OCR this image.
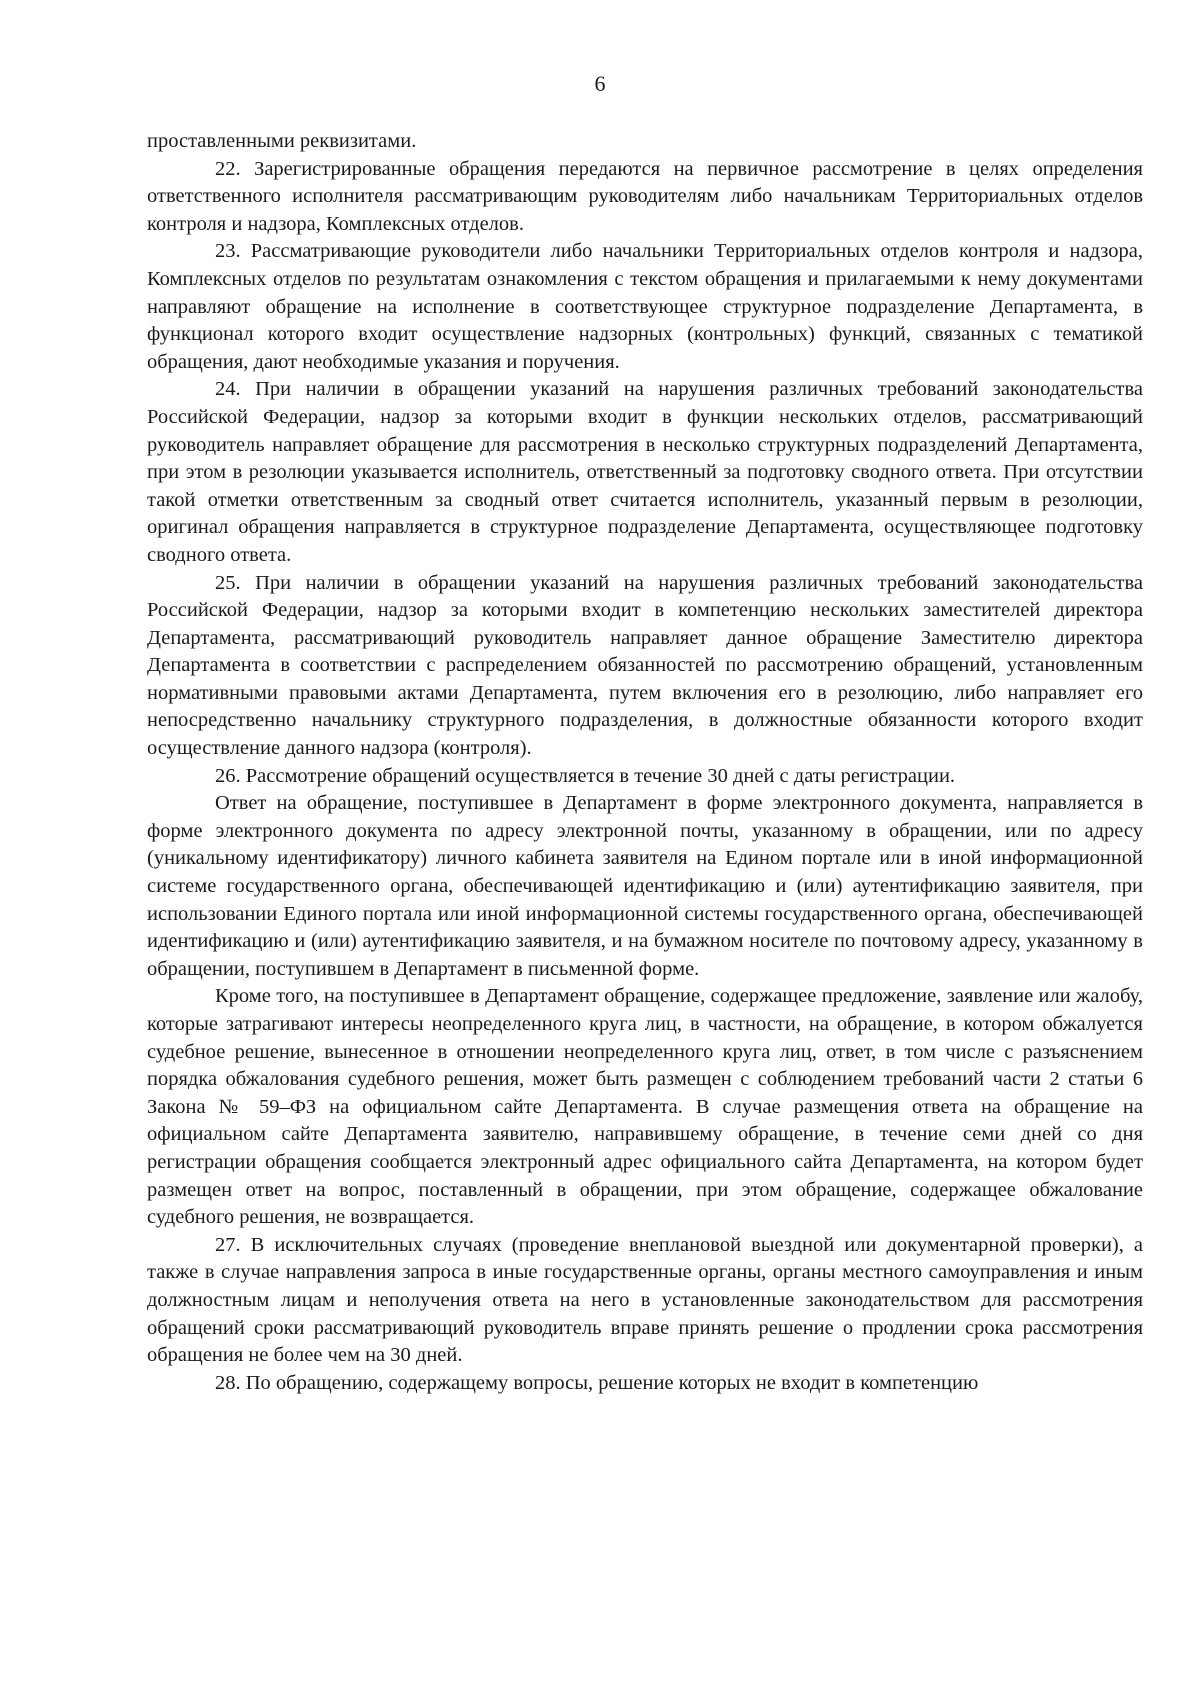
6

проставленными реквизитами.

22. Зарегистрированные обращения передаются на первичное рассмотрение в целях определения ответственного исполнителя рассматривающим руководителям либо начальникам Территориальных отделов контроля и надзора, Комплексных отделов.

23. Рассматривающие руководители либо начальники Территориальных отделов контроля и надзора, Комплексных отделов по результатам ознакомления с текстом обращения и прилагаемыми к нему документами направляют обращение на исполнение в соответствующее структурное подразделение Департамента, в функционал которого входит осуществление надзорных (контрольных) функций, связанных с тематикой обращения, дают необходимые указания и поручения.

24. При наличии в обращении указаний на нарушения различных требований законодательства Российской Федерации, надзор за которыми входит в функции нескольких отделов, рассматривающий руководитель направляет обращение для рассмотрения в несколько структурных подразделений Департамента, при этом в резолюции указывается исполнитель, ответственный за подготовку сводного ответа. При отсутствии такой отметки ответственным за сводный ответ считается исполнитель, указанный первым в резолюции, оригинал обращения направляется в структурное подразделение Департамента, осуществляющее подготовку сводного ответа.

25. При наличии в обращении указаний на нарушения различных требований законодательства Российской Федерации, надзор за которыми входит в компетенцию нескольких заместителей директора Департамента, рассматривающий руководитель направляет данное обращение Заместителю директора Департамента в соответствии с распределением обязанностей по рассмотрению обращений, установленным нормативными правовыми актами Департамента, путем включения его в резолюцию, либо направляет его непосредственно начальнику структурного подразделения, в должностные обязанности которого входит осуществление данного надзора (контроля).

26. Рассмотрение обращений осуществляется в течение 30 дней с даты регистрации.

Ответ на обращение, поступившее в Департамент в форме электронного документа, направляется в форме электронного документа по адресу электронной почты, указанному в обращении, или по адресу (уникальному идентификатору) личного кабинета заявителя на Едином портале или в иной информационной системе государственного органа, обеспечивающей идентификацию и (или) аутентификацию заявителя, при использовании Единого портала или иной информационной системы государственного органа, обеспечивающей идентификацию и (или) аутентификацию заявителя, и на бумажном носителе по почтовому адресу, указанному в обращении, поступившем в Департамент в письменной форме.

Кроме того, на поступившее в Департамент обращение, содержащее предложение, заявление или жалобу, которые затрагивают интересы неопределенного круга лиц, в частности, на обращение, в котором обжалуется судебное решение, вынесенное в отношении неопределенного круга лиц, ответ, в том числе с разъяснением порядка обжалования судебного решения, может быть размещен с соблюдением требований части 2 статьи 6 Закона № 59–ФЗ на официальном сайте Департамента. В случае размещения ответа на обращение на официальном сайте Департамента заявителю, направившему обращение, в течение семи дней со дня регистрации обращения сообщается электронный адрес официального сайта Департамента, на котором будет размещен ответ на вопрос, поставленный в обращении, при этом обращение, содержащее обжалование судебного решения, не возвращается.

27. В исключительных случаях (проведение внеплановой выездной или документарной проверки), а также в случае направления запроса в иные государственные органы, органы местного самоуправления и иным должностным лицам и неполучения ответа на него в установленные законодательством для рассмотрения обращений сроки рассматривающий руководитель вправе принять решение о продлении срока рассмотрения обращения не более чем на 30 дней.

28. По обращению, содержащему вопросы, решение которых не входит в компетенцию
